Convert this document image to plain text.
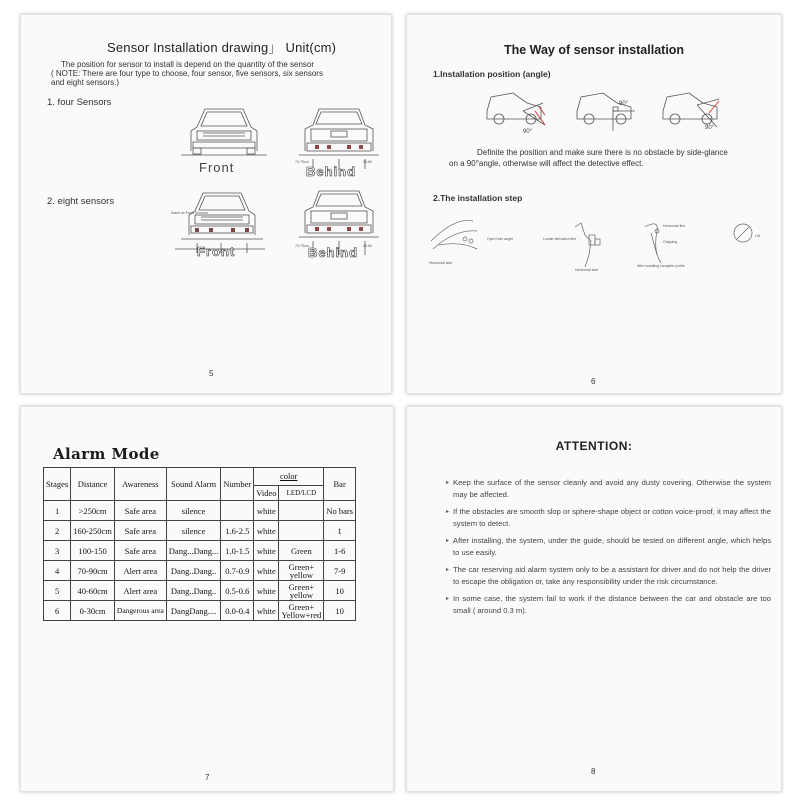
Sensor Installation drawing」 Unit(cm)
The position for sensor to install is depend on the quantity of the sensor
( NOTE: There are four type to choose, four sensor, five sensors, six sensors
and eight sensors.)
1. four Sensors
2. eight sensors
Front	70-75cm	40-60
Behind
Same as Front Sensors
Front	70-75cm	40-60
Behind
5
The Way of sensor installation
1.Installation position (angle)
90°
90°
90°
Definite the position and make sure there is no obstacle by side-glance
on a 90°angle, otherwise will affect the detective effect.
2.The installation step
Open hole auger	Locate derivation line
Horizontal side
Horizontal side
Horizontal line
Outgoing
After installing complete profile
Lift
6
Alarm Mode
Stages	Distance	Awareness	Sound Alarm	Number	color		Bar
					Video	LED/LCD	
1	>250cm	Safe area	silence		white		No bars
2	160-250cm	Safe area	silence	1.6-2.5	white		1
3	100-150	Safe area	Dang...Dang...	1.0-1.5	white	Green	1-6
4	70-90cm	Alert area	Dang..Dang..	0.7-0.9	white	Green+
yellow	7-9
5	40-60cm	Alert area	Dang..Dang..	0.5-0.6	white	Green+
yellow	10
6	0-30cm	Dangerous area	DangDang....	0.0-0.4	white	Green+
Yellow+red	10
7
ATTENTION:
▸ Keep the surface of the sensor cleanly and avoid any dusty covering. Otherwise the system may be affected.
▸ If the obstacles are smooth slop or sphere-shape object or cotton voice-proof, it may affect the system to detect.
▸ After installing, the system, under the guide, should be tested on different angle, which helps to use easily.
▸ The car reserving aid alarm system only to be a assistant for driver and do not help the driver to escape the obligation or, take any responsibility under the risk circumstance.
▸ In some case, the system fail to work if the distance between the car and obstacle are too small ( around 0.3 m).
8
